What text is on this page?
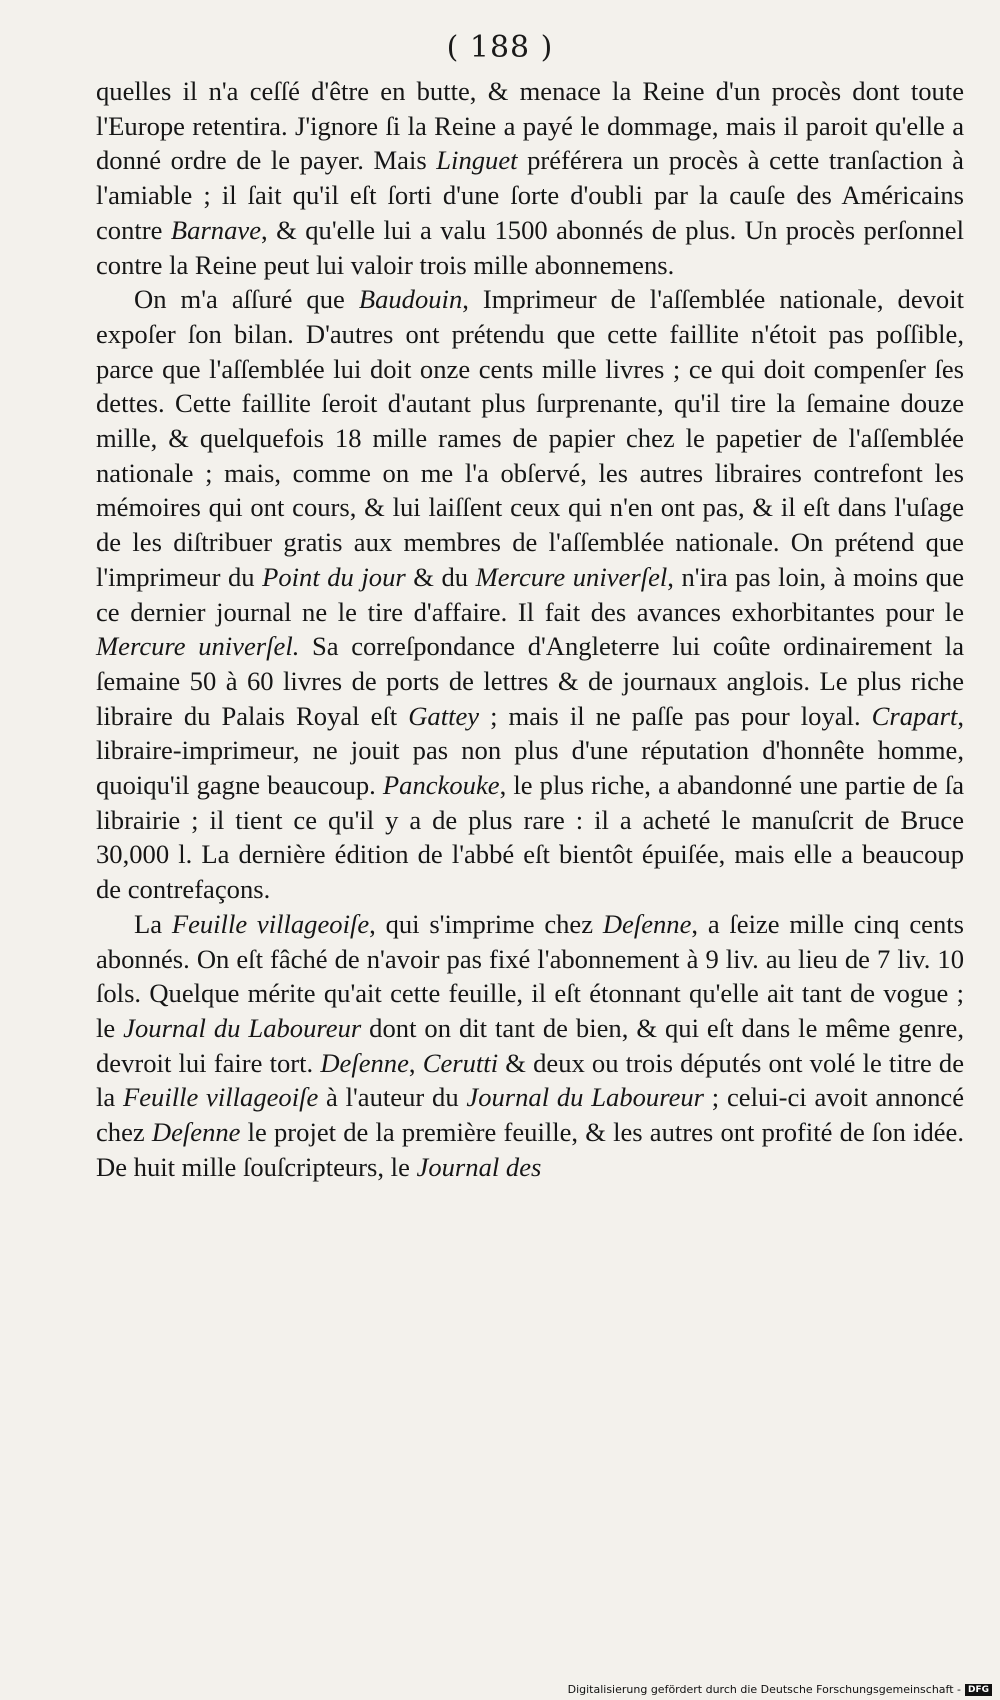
( 188 )

quelles il n'a ceſſé d'être en butte, & menace la Reine d'un procès dont toute l'Europe retentira. J'ignore ſi la Reine a payé le dommage, mais il paroit qu'elle a donné ordre de le payer. Mais Linguet préférera un procès à cette tranſaction à l'amiable ; il ſait qu'il eſt ſorti d'une ſorte d'oubli par la cauſe des Américains contre Barnave, & qu'elle lui a valu 1500 abonnés de plus. Un procès perſonnel contre la Reine peut lui valoir trois mille abonnemens.

On m'a aſſuré que Baudouin, Imprimeur de l'aſſemblée nationale, devoit expoſer ſon bilan. D'autres ont prétendu que cette faillite n'étoit pas poſſible, parce que l'aſſemblée lui doit onze cents mille livres ; ce qui doit compenſer ſes dettes. Cette faillite ſeroit d'autant plus ſurprenante, qu'il tire la ſemaine douze mille, & quelquefois 18 mille rames de papier chez le papetier de l'aſſemblée nationale ; mais, comme on me l'a obſervé, les autres libraires contrefont les mémoires qui ont cours, & lui laiſſent ceux qui n'en ont pas, & il eſt dans l'uſage de les diſtribuer gratis aux membres de l'aſſemblée nationale. On prétend que l'imprimeur du Point du jour & du Mercure univerſel, n'ira pas loin, à moins que ce dernier journal ne le tire d'affaire. Il fait des avances exhorbitantes pour le Mercure univerſel. Sa correſpondance d'Angleterre lui coûte ordinairement la ſemaine 50 à 60 livres de ports de lettres & de journaux anglois. Le plus riche libraire du Palais Royal eſt Gattey ; mais il ne paſſe pas pour loyal. Crapart, libraire-imprimeur, ne jouit pas non plus d'une réputation d'honnête homme, quoiqu'il gagne beaucoup. Panckouke, le plus riche, a abandonné une partie de ſa librairie ; il tient ce qu'il y a de plus rare : il a acheté le manuſcrit de Bruce 30,000 l. La dernière édition de l'abbé eſt bientôt épuiſée, mais elle a beaucoup de contrefaçons.

La Feuille villageoiſe, qui s'imprime chez Deſenne, a ſeize mille cinq cents abonnés. On eſt fâché de n'avoir pas fixé l'abonnement à 9 liv. au lieu de 7 liv. 10 ſols. Quelque mérite qu'ait cette feuille, il eſt étonnant qu'elle ait tant de vogue ; le Journal du Laboureur dont on dit tant de bien, & qui eſt dans le même genre, devroit lui faire tort. Deſenne, Cerutti & deux ou trois députés ont volé le titre de la Feuille villageoiſe à l'auteur du Journal du Laboureur ; celui-ci avoit annoncé chez Deſenne le projet de la première feuille, & les autres ont profité de ſon idée. De huit mille ſouſcripteurs, le Journal des

Digitalisierung gefördert durch die Deutsche Forschungsgemeinschaft - DFG
